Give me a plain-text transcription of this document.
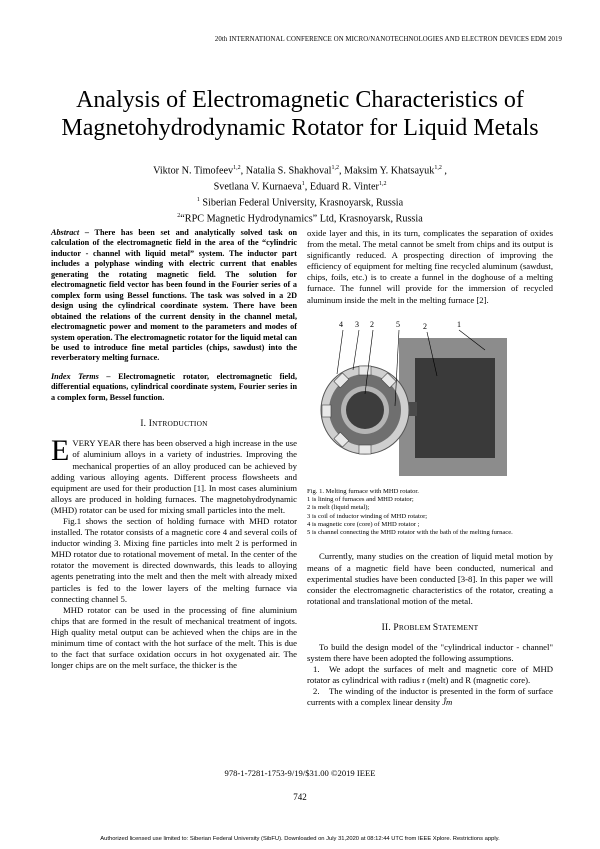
20th INTERNATIONAL CONFERENCE ON MICRO/NANOTECHNOLOGIES AND ELECTRON DEVICES EDM 2019
Analysis of Electromagnetic Characteristics of
Magnetohydrodynamic Rotator for Liquid Metals
Viktor N. Timofeev$^{1,2}$, Natalia S. Shakhoval$^{1,2}$, Maksim Y. Khatsayuk$^{1,2}$ ,
Svetlana V. Kurnaeva$^1$, Eduard R. Vinter$^{1,2}$
$^1$ Siberian Federal University, Krasnoyarsk, Russia
$^2$“RPC Magnetic Hydrodynamics” Ltd, Krasnoyarsk, Russia

Abstract – There has been set and analytically solved task on calculation of the electromagnetic field in the area of the “cylindric inductor - channel with liquid metal” system. The inductor part includes a polyphase winding with electric current that enables generating the rotating magnetic field. The solution for electromagnetic field vector has been found in the Fourier series of a complex form using Bessel functions. The task was solved in a 2D design using the cylindrical coordinate system. There have been obtained the relations of the current density in the channel metal, electromagnetic power and moment to the parameters and modes of system operation. The electromagnetic rotator for the liquid metal can be used to introduce fine metal particles (chips, sawdust) into the reverberatory melting furnace.

Index Terms – Electromagnetic rotator, electromagnetic field, differential equations, cylindrical coordinate system, Fourier series in a complex form, Bessel function.

I. INTRODUCTION

EVERY YEAR there has been observed a high increase in the use of aluminium alloys in a variety of industries. Improving the mechanical properties of an alloy produced can be achieved by adding various alloying agents. Different process flowsheets and equipment are used for their production [1]. In most cases aluminium alloys are produced in holding furnaces. The magnetohydrodynamic (MHD) rotator can be used for mixing small particles into the melt.

Fig.1 shows the section of holding furnace with MHD rotator installed. The rotator consists of a magnetic core 4 and several coils of inductor winding 3. Mixing fine particles into melt 2 is performed in MHD rotator due to rotational movement of metal. In the center of the rotator the movement is directed downwards, this leads to alloying agents penetrating into the melt and then the melt with already mixed particles is fed to the lower layers of the melting furnace via connecting channel 5.

MHD rotator can be used in the processing of fine aluminium chips that are formed in the result of mechanical treatment of ingots. High quality metal output can be achieved when the chips are in the minimum time of contact with the hot surface of the melt. This is due to the fact that surface oxidation occurs in hot oxygenated air. The longer chips are on the melt surface, the thicker is the

oxide layer and this, in its turn, complicates the separation of oxides from the metal. The metal cannot be smelt from chips and its output is significantly reduced. A prospecting direction of improving the efficiency of equipment for melting fine recycled aluminum (sawdust, chips, foils, etc.) is to create a funnel in the doghouse of a melting furnace. The funnel will provide for the immersion of recycled aluminum inside the melt in the melting furnace [2].

4 3 2	5	2	1
Fig. 1. Melting furnace with MHD rotator.
1 is lining of furnaces and MHD rotator;
2 is melt (liquid metal);
3 is coil of inductor winding of MHD rotator;
4 is magnetic core (core) of MHD rotator ;
5 is channel connecting the MHD rotator with the bath of the melting furnace.

Currently, many studies on the creation of liquid metal motion by means of a magnetic field have been conducted, numerical and experimental studies have been conducted [3-8]. In this paper we will consider the electromagnetic characteristics of the rotator, creating a rotational and translational motion of the metal.

II. PROBLEM STATEMENT

To build the design model of the "cylindrical inductor - channel" system there have been adopted the following assumptions.

1. We adopt the surfaces of melt and magnetic core of MHD rotator as cylindrical with radius r (melt) and R (magnetic core).

2. The winding of the inductor is presented in the form of surface currents with a complex linear density Ĵm

978-1-7281-1753-9/19/$31.00 ©2019 IEEE
742
Authorized licensed use limited to: Siberian Federal University (SibFU). Downloaded on July 31,2020 at 08:12:44 UTC from IEEE Xplore. Restrictions apply.
